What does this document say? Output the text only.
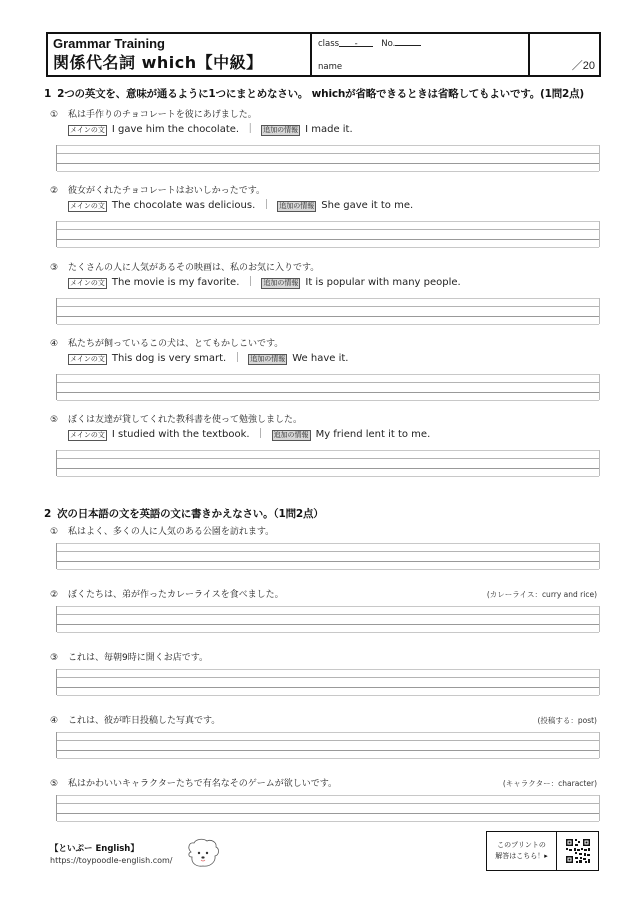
Grammar Training
関係代名詞 which【中級】
class -	No.
name	／20
1 2つの英文を、意味が通るように1つにまとめなさい。 whichが省略できるときは省略してもよいです。(1問2点)
①	私は手作りのチョコレートを彼にあげました。
メインの文 I gave him the chocolate. ｜ 追加の情報 I made it.
②	彼女がくれたチョコレートはおいしかったです。
メインの文 The chocolate was delicious. ｜ 追加の情報 She gave it to me.
③	たくさんの人に人気があるその映画は、私のお気に入りです。
メインの文 The movie is my favorite. ｜ 追加の情報 It is popular with many people.
④	私たちが飼っているこの犬は、とてもかしこいです。
メインの文 This dog is very smart. ｜ 追加の情報 We have it.
⑤	ぼくは友達が貸してくれた教科書を使って勉強しました。
メインの文 I studied with the textbook. ｜ 追加の情報 My friend lent it to me.
2 次の日本語の文を英語の文に書きかえなさい。（1問2点）
①	私はよく、多くの人に人気のある公園を訪れます。
②	ぼくたちは、弟が作ったカレーライスを食べました。	(カレーライス：curry and rice)
③	これは、毎朝9時に開くお店です。
④	これは、彼が昨日投稿した写真です。	(投稿する：post)
⑤	私はかわいいキャラクターたちで有名なそのゲームが欲しいです。	(キャラクター：character)
【といぷー English】
https://toypoodle-english.com/
このプリントの
解答はこちら！▸
